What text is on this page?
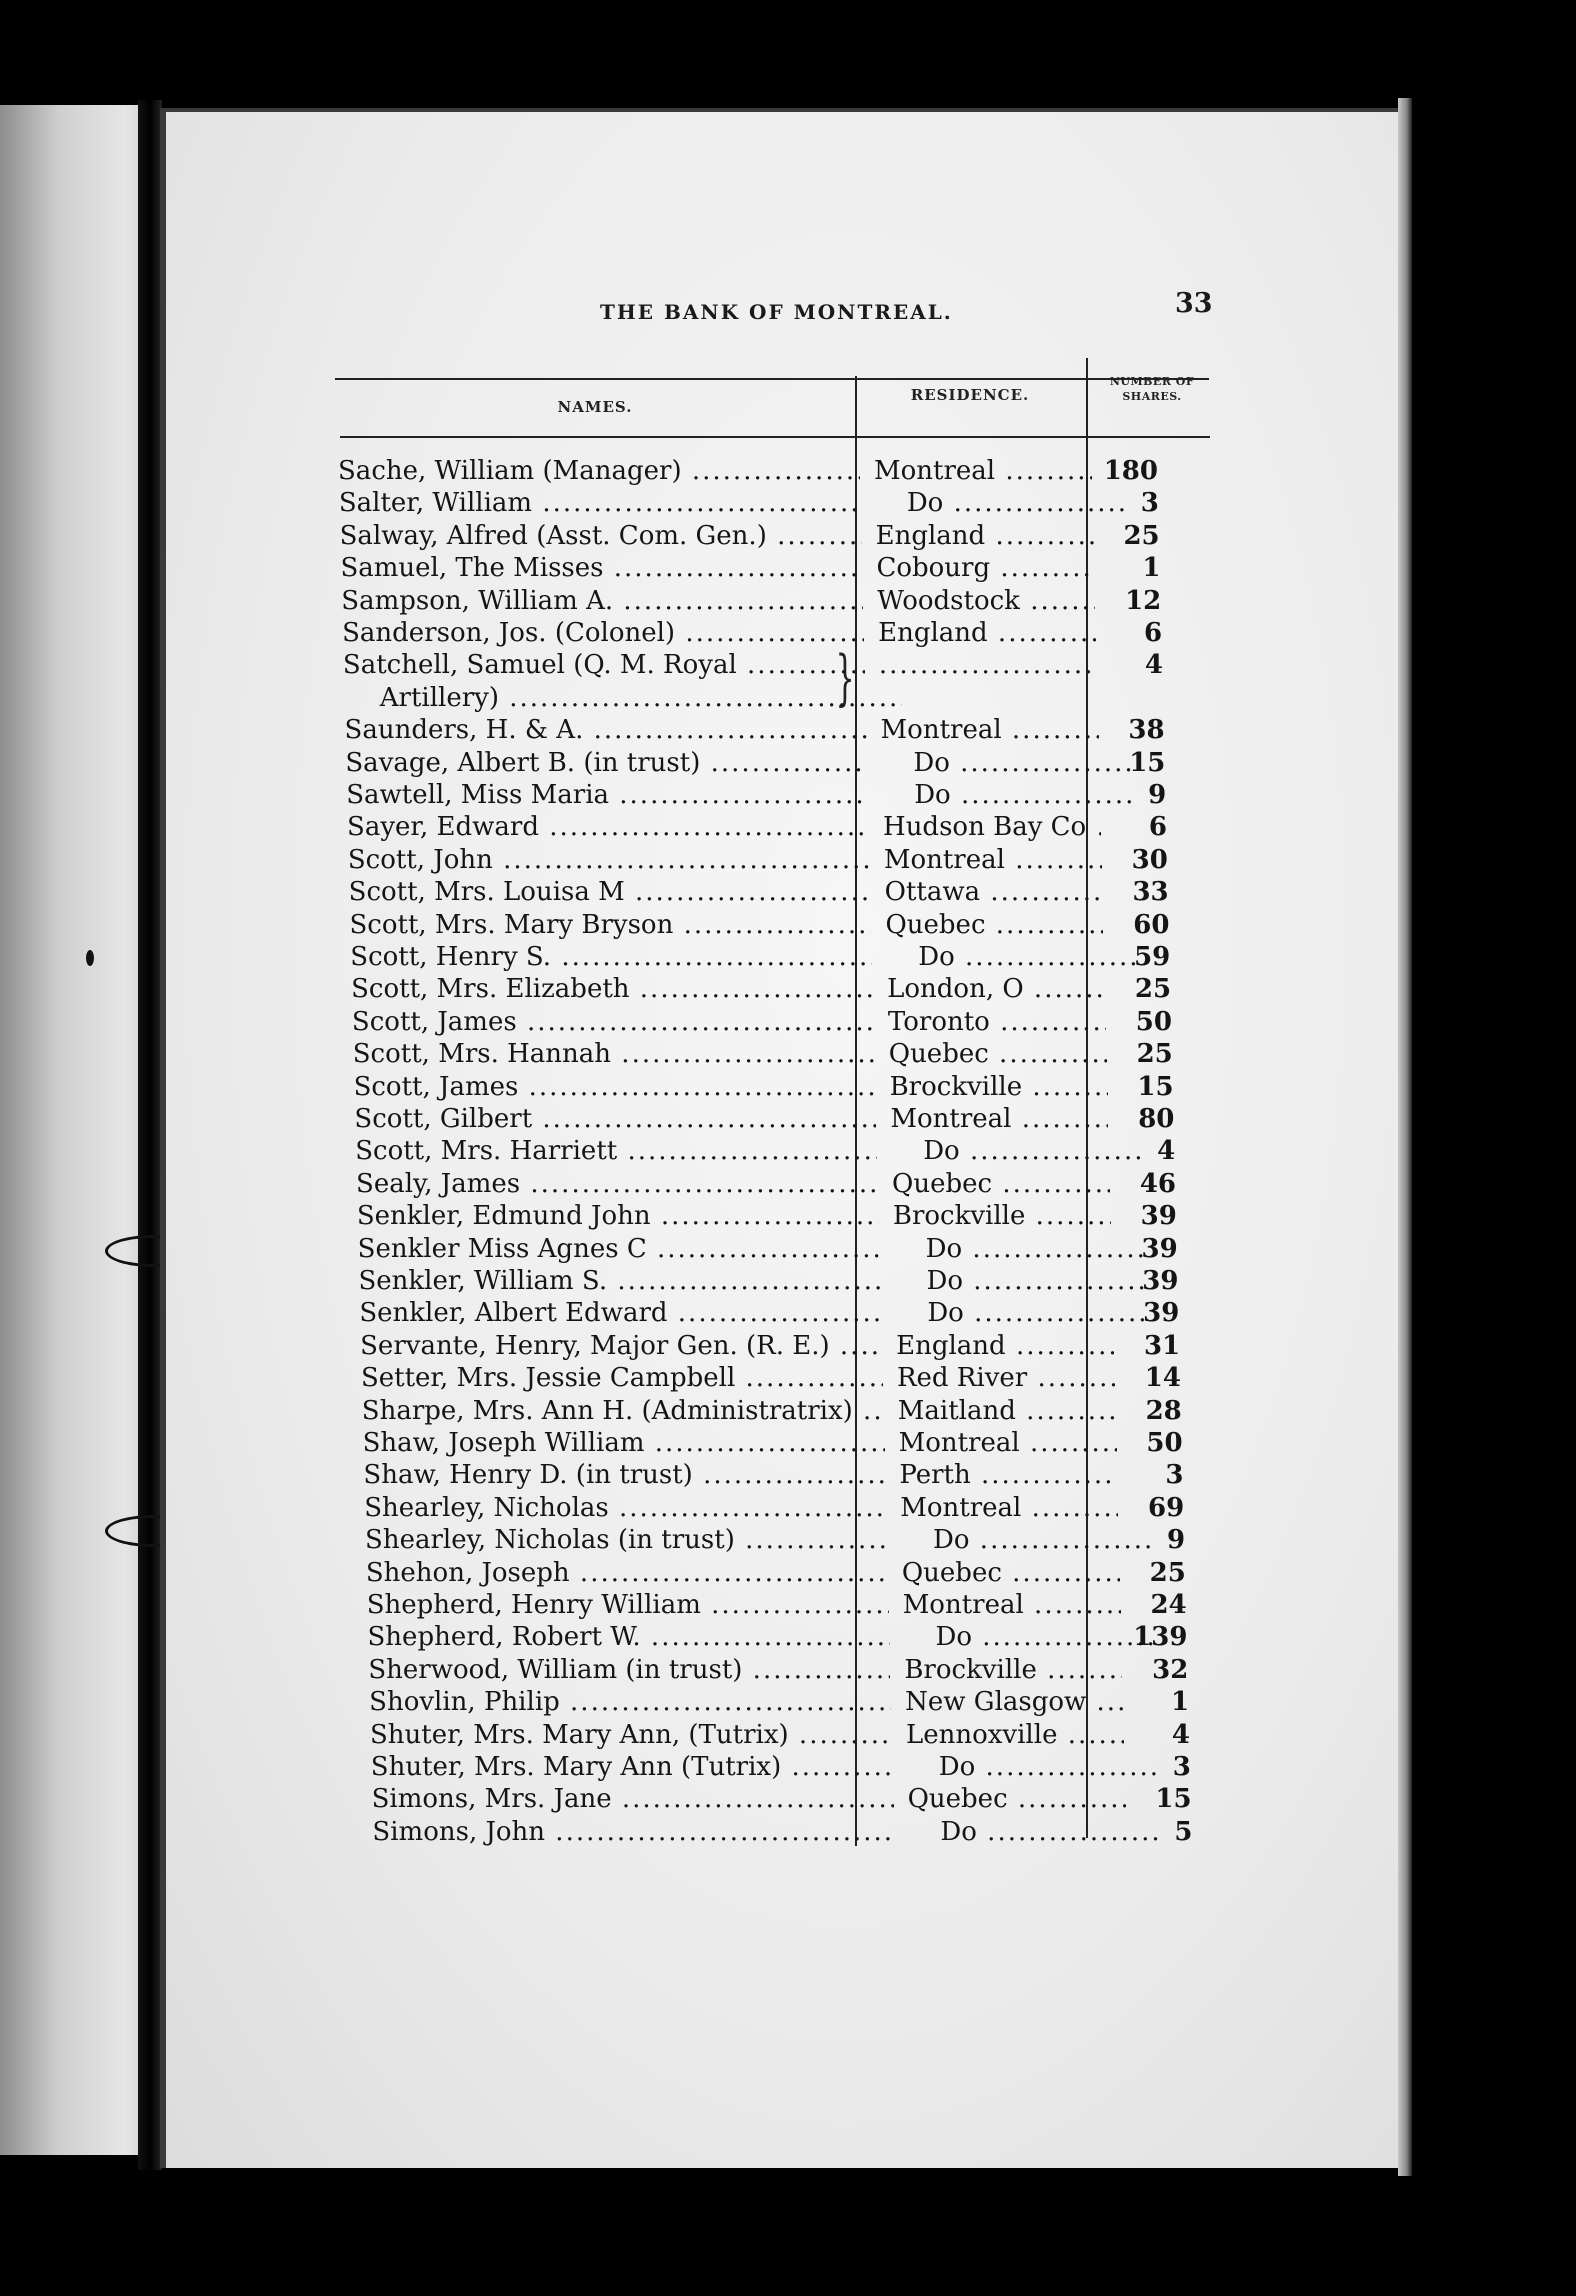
THE BANK OF MONTREAL.	33
NAMES.
RESIDENCE.
NUMBER OF
SHARES.
}
Sache, William (Manager) .....	Montreal .....	180
Salter, William .....	Do .....	3
Salway, Alfred (Asst. Com. Gen.) .....	England .....	25
Samuel, The Misses .....	Cobourg .....	1
Sampson, William A. .....	Woodstock .....	12
Sanderson, Jos. (Colonel) .....	England .....	6
Satchell, Samuel (Q. M. Royal ..... .....	4
Artillery) .....
Saunders, H. & A. .....	Montreal .....	38
Savage, Albert B. (in trust) .....	Do .....	15
Sawtell, Miss Maria .....	Do .....	9
Sayer, Edward .....	Hudson Bay Co .....	6
Scott, John .....	Montreal .....	30
Scott, Mrs. Louisa M .....	Ottawa .....	33
Scott, Mrs. Mary Bryson .....	Quebec .....	60
Scott, Henry S. .....	Do .....	59
Scott, Mrs. Elizabeth .....	London, O .....	25
Scott, James .....	Toronto .....	50
Scott, Mrs. Hannah .....	Quebec .....	25
Scott, James .....	Brockville .....	15
Scott, Gilbert .....	Montreal .....	80
Scott, Mrs. Harriett .....	Do .....	4
Sealy, James .....	Quebec .....	46
Senkler, Edmund John .....	Brockville .....	39
Senkler Miss Agnes C .....	Do .....	39
Senkler, William S. .....	Do .....	39
Senkler, Albert Edward .....	Do .....	39
Servante, Henry, Major Gen. (R. E.) .....	England .....	31
Setter, Mrs. Jessie Campbell .....	Red River .....	14
Sharpe, Mrs. Ann H. (Administratrix) .....	Maitland .....	28
Shaw, Joseph William .....	Montreal .....	50
Shaw, Henry D. (in trust) .....	Perth .....	3
Shearley, Nicholas .....	Montreal .....	69
Shearley, Nicholas (in trust) .....	Do .....	9
Shehon, Joseph .....	Quebec .....	25
Shepherd, Henry William .....	Montreal .....	24
Shepherd, Robert W. .....	Do .....	139
Sherwood, William (in trust) .....	Brockville .....	32
Shovlin, Philip .....	New Glasgow .....	1
Shuter, Mrs. Mary Ann, (Tutrix) .....	Lennoxville .....	4
Shuter, Mrs. Mary Ann (Tutrix) .....	Do .....	3
Simons, Mrs. Jane .....	Quebec .....	15
Simons, John .....	Do .....	5
